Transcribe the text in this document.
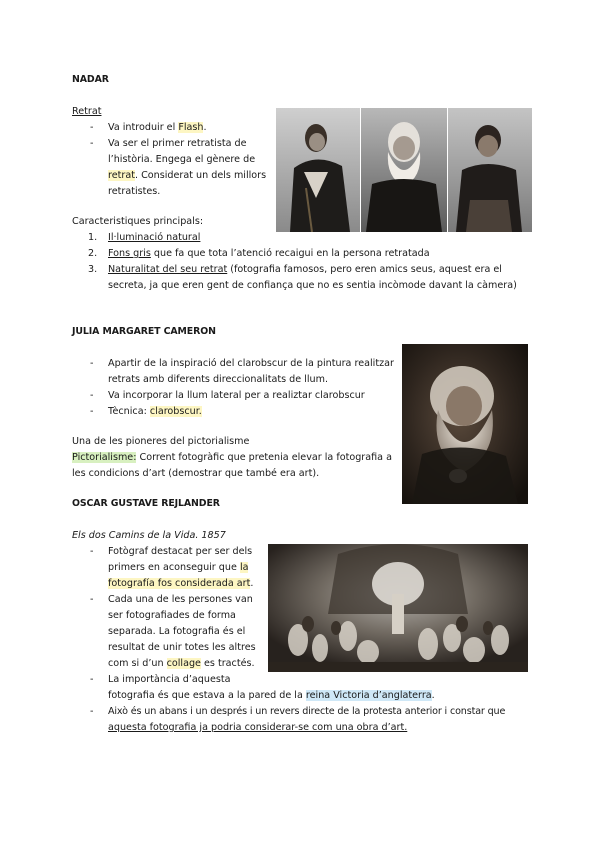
NADAR
Retrat
- Va introduir el Flash.
- Va ser el primer retratista de
l’història. Engega el gènere de
retrat. Considerat un dels millors
retratistes.
Caracteristiques principals:
1. Il·luminació natural
2. Fons gris que fa que tota l’atenció recaigui en la persona retratada
3. Naturalitat del seu retrat (fotografia famosos, pero eren amics seus, aquest era el
secreta, ja que eren gent de confiança que no es sentia incòmode davant la càmera)
JULIA MARGARET CAMERON
- Apartir de la inspiració del clarobscur de la pintura realitzar
retrats amb diferents direccionalitats de llum.
- Va incorporar la llum lateral per a realiztar clarobscur
- Tècnica: clarobscur.
Una de les pioneres del pictorialisme
Pictorialisme: Corrent fotogràfic que pretenia elevar la fotografia a
les condicions d’art (demostrar que també era art).
OSCAR GUSTAVE REJLANDER
Els dos Camins de la Vida. 1857
- Fotògraf destacat per ser dels
primers en aconseguir que la
fotografía fos considerada art.
- Cada una de les persones van
ser fotografiades de forma
separada. La fotografia és el
resultat de unir totes les altres
com si d’un collage es tractés.
- La importància d’aquesta
fotografia és que estava a la pared de la reina Victoria d’anglaterra.
- Això és un abans i un després i un revers directe de la protesta anterior i constar que
aquesta fotografia ja podria considerar-se com una obra d’art.
